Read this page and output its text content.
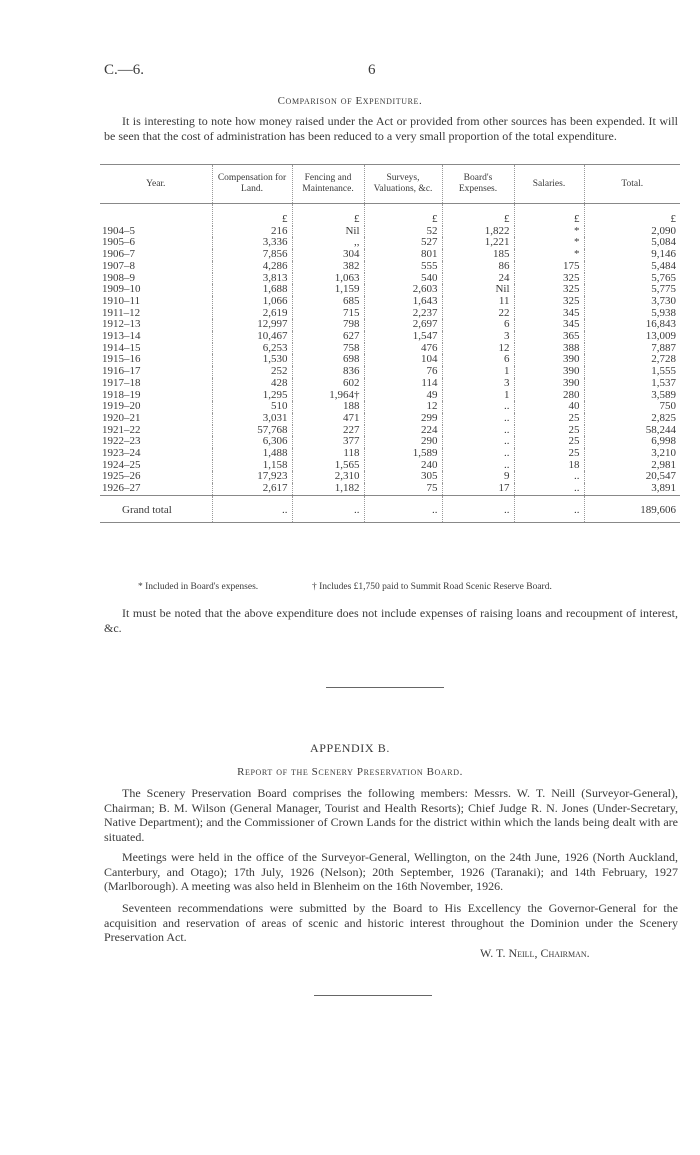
C.—6.	6
Comparison of Expenditure.
It is interesting to note how money raised under the Act or provided from other sources has been expended. It will be seen that the cost of administration has been reduced to a very small proportion of the total expenditure.
Year.	Compensation for Land.	Fencing and Maintenance.	Surveys, Valuations, &c.	Board's Expenses.	Salaries.	Total.
	£	£	£	£	£	£
1904–5	216	Nil	52	1,822	*	2,090
1905–6	3,336	,,	527	1,221	*	5,084
1906–7	7,856	304	801	185	*	9,146
1907–8	4,286	382	555	86	175	5,484
1908–9	3,813	1,063	540	24	325	5,765
1909–10	1,688	1,159	2,603	Nil	325	5,775
1910–11	1,066	685	1,643	11	325	3,730
1911–12	2,619	715	2,237	22	345	5,938
1912–13	12,997	798	2,697	6	345	16,843
1913–14	10,467	627	1,547	3	365	13,009
1914–15	6,253	758	476	12	388	7,887
1915–16	1,530	698	104	6	390	2,728
1916–17	252	836	76	1	390	1,555
1917–18	428	602	114	3	390	1,537
1918–19	1,295	1,964†	49	1	280	3,589
1919–20	510	188	12	..	40	750
1920–21	3,031	471	299	..	25	2,825
1921–22	57,768	227	224	..	25	58,244
1922–23	6,306	377	290	..	25	6,998
1923–24	1,488	118	1,589	..	25	3,210
1924–25	1,158	1,565	240	..	18	2,981
1925–26	17,923	2,310	305	9	..	20,547
1926–27	2,617	1,182	75	17	..	3,891
Grand total	..	..	..	..	..	189,606
* Included in Board's expenses.	† Includes £1,750 paid to Summit Road Scenic Reserve Board.
It must be noted that the above expenditure does not include expenses of raising loans and recoupment of interest, &c.
APPENDIX B.
Report of the Scenery Preservation Board.
The Scenery Preservation Board comprises the following members: Messrs. W. T. Neill (Surveyor-General), Chairman; B. M. Wilson (General Manager, Tourist and Health Resorts); Chief Judge R. N. Jones (Under-Secretary, Native Department); and the Commissioner of Crown Lands for the district within which the lands being dealt with are situated.
Meetings were held in the office of the Surveyor-General, Wellington, on the 24th June, 1926 (North Auckland, Canterbury, and Otago); 17th July, 1926 (Nelson); 20th September, 1926 (Taranaki); and 14th February, 1927 (Marlborough). A meeting was also held in Blenheim on the 16th November, 1926.
Seventeen recommendations were submitted by the Board to His Excellency the Governor-General for the acquisition and reservation of areas of scenic and historic interest throughout the Dominion under the Scenery Preservation Act.
W. T. Neill, Chairman.
